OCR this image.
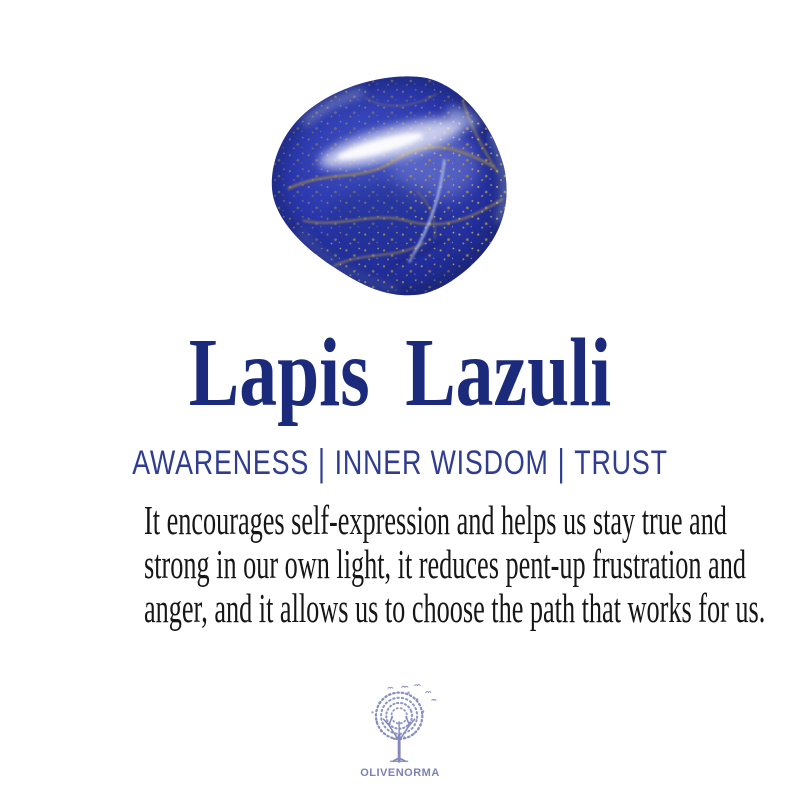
Lapis Lazuli
AWARENESS | INNER WISDOM | TRUST
It encourages self-expression and helps us stay true and
strong in our own light, it reduces pent-up frustration and
anger, and it allows us to choose the path that works for us.
OLIVENORMA
